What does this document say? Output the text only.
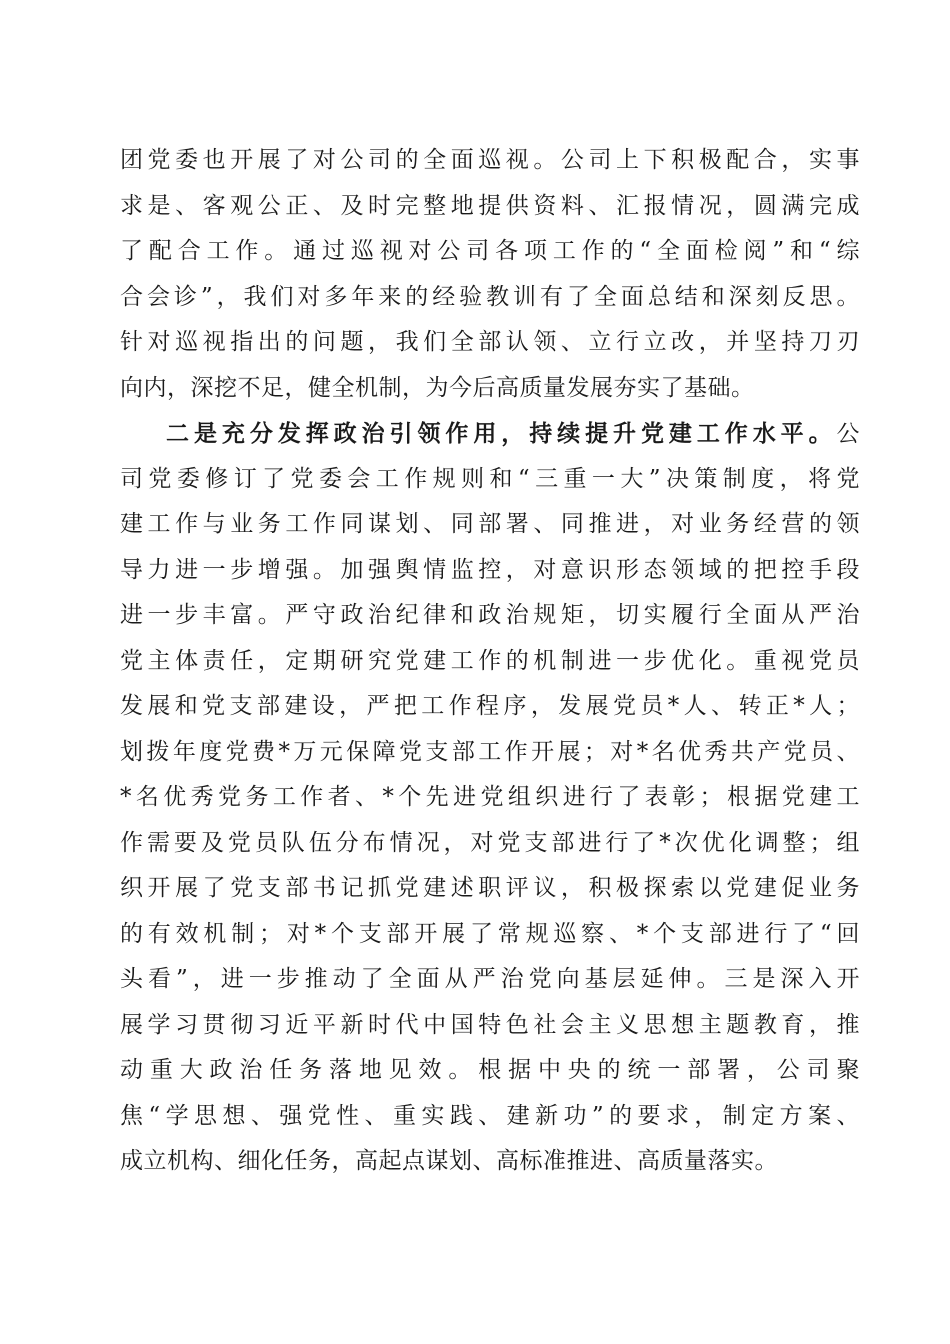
团党委也开展了对公司的全面巡视。公司上下积极配合，实事
求是、客观公正、及时完整地提供资料、汇报情况，圆满完成
了配合工作。通过巡视对公司各项工作的“全面检阅”和“综
合会诊”，我们对多年来的经验教训有了全面总结和深刻反思。
针对巡视指出的问题，我们全部认领、立行立改，并坚持刀刃
向内，深挖不足，健全机制，为今后高质量发展夯实了基础。
二是充分发挥政治引领作用，持续提升党建工作水平。公
司党委修订了党委会工作规则和“三重一大”决策制度，将党
建工作与业务工作同谋划、同部署、同推进，对业务经营的领
导力进一步增强。加强舆情监控，对意识形态领域的把控手段
进一步丰富。严守政治纪律和政治规矩，切实履行全面从严治
党主体责任，定期研究党建工作的机制进一步优化。重视党员
发展和党支部建设，严把工作程序，发展党员*人、转正*人；
划拨年度党费*万元保障党支部工作开展；对*名优秀共产党员、
*名优秀党务工作者、*个先进党组织进行了表彰；根据党建工
作需要及党员队伍分布情况，对党支部进行了*次优化调整；组
织开展了党支部书记抓党建述职评议，积极探索以党建促业务
的有效机制；对*个支部开展了常规巡察、*个支部进行了“回
头看”，进一步推动了全面从严治党向基层延伸。三是深入开
展学习贯彻习近平新时代中国特色社会主义思想主题教育，推
动重大政治任务落地见效。根据中央的统一部署，公司聚
焦“学思想、强党性、重实践、建新功”的要求，制定方案、
成立机构、细化任务，高起点谋划、高标准推进、高质量落实。
